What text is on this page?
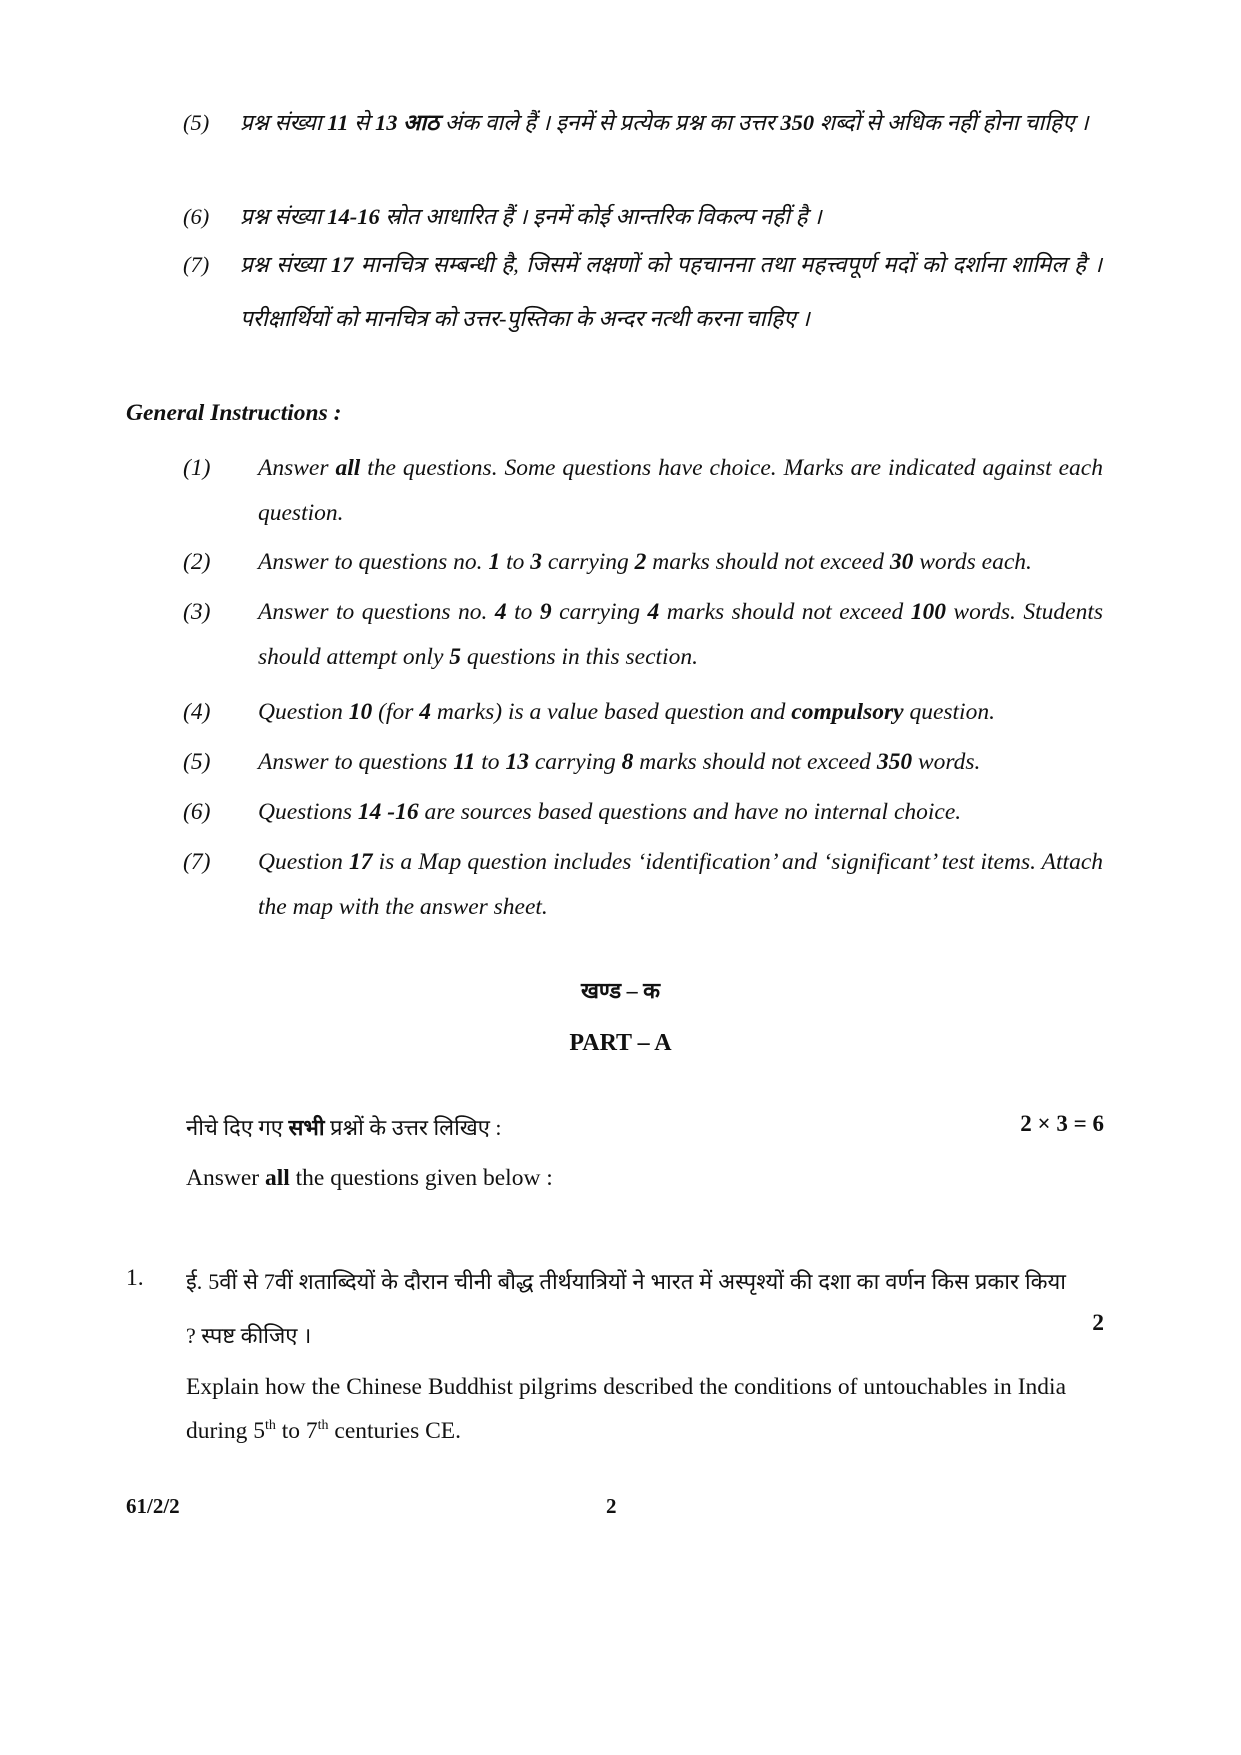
(5)	प्रश्न संख्या 11 से 13 आठ अंक वाले हैं । इनमें से प्रत्येक प्रश्न का उत्तर 350 शब्दों से अधिक नहीं होना चाहिए ।
(6)	प्रश्न संख्या 14-16 स्रोत आधारित हैं । इनमें कोई आन्तरिक विकल्प नहीं है ।
(7)	प्रश्न संख्या 17 मानचित्र सम्बन्धी है, जिसमें लक्षणों को पहचानना तथा महत्त्वपूर्ण मदों को दर्शाना शामिल है । परीक्षार्थियों को मानचित्र को उत्तर-पुस्तिका के अन्दर नत्थी करना चाहिए ।
General Instructions :
(1)	Answer all the questions. Some questions have choice. Marks are indicated against each question.
(2)	Answer to questions no. 1 to 3 carrying 2 marks should not exceed 30 words each.
(3)	Answer to questions no. 4 to 9 carrying 4 marks should not exceed 100 words. Students should attempt only 5 questions in this section.
(4)	Question 10 (for 4 marks) is a value based question and compulsory question.
(5)	Answer to questions 11 to 13 carrying 8 marks should not exceed 350 words.
(6)	Questions 14 -16 are sources based questions and have no internal choice.
(7)	Question 17 is a Map question includes ‘identification’ and ‘significant’ test items. Attach the map with the answer sheet.
खण्ड – क
PART – A
नीचे दिए गए सभी प्रश्नों के उत्तर लिखिए :	2 × 3 = 6
Answer all the questions given below :
1. ई. 5वीं से 7वीं शताब्दियों के दौरान चीनी बौद्ध तीर्थयात्रियों ने भारत में अस्पृश्यों की दशा का वर्णन किस प्रकार किया ? स्पष्ट कीजिए ।	2
Explain how the Chinese Buddhist pilgrims described the conditions of untouchables in India during 5th to 7th centuries CE.
61/2/2	2
